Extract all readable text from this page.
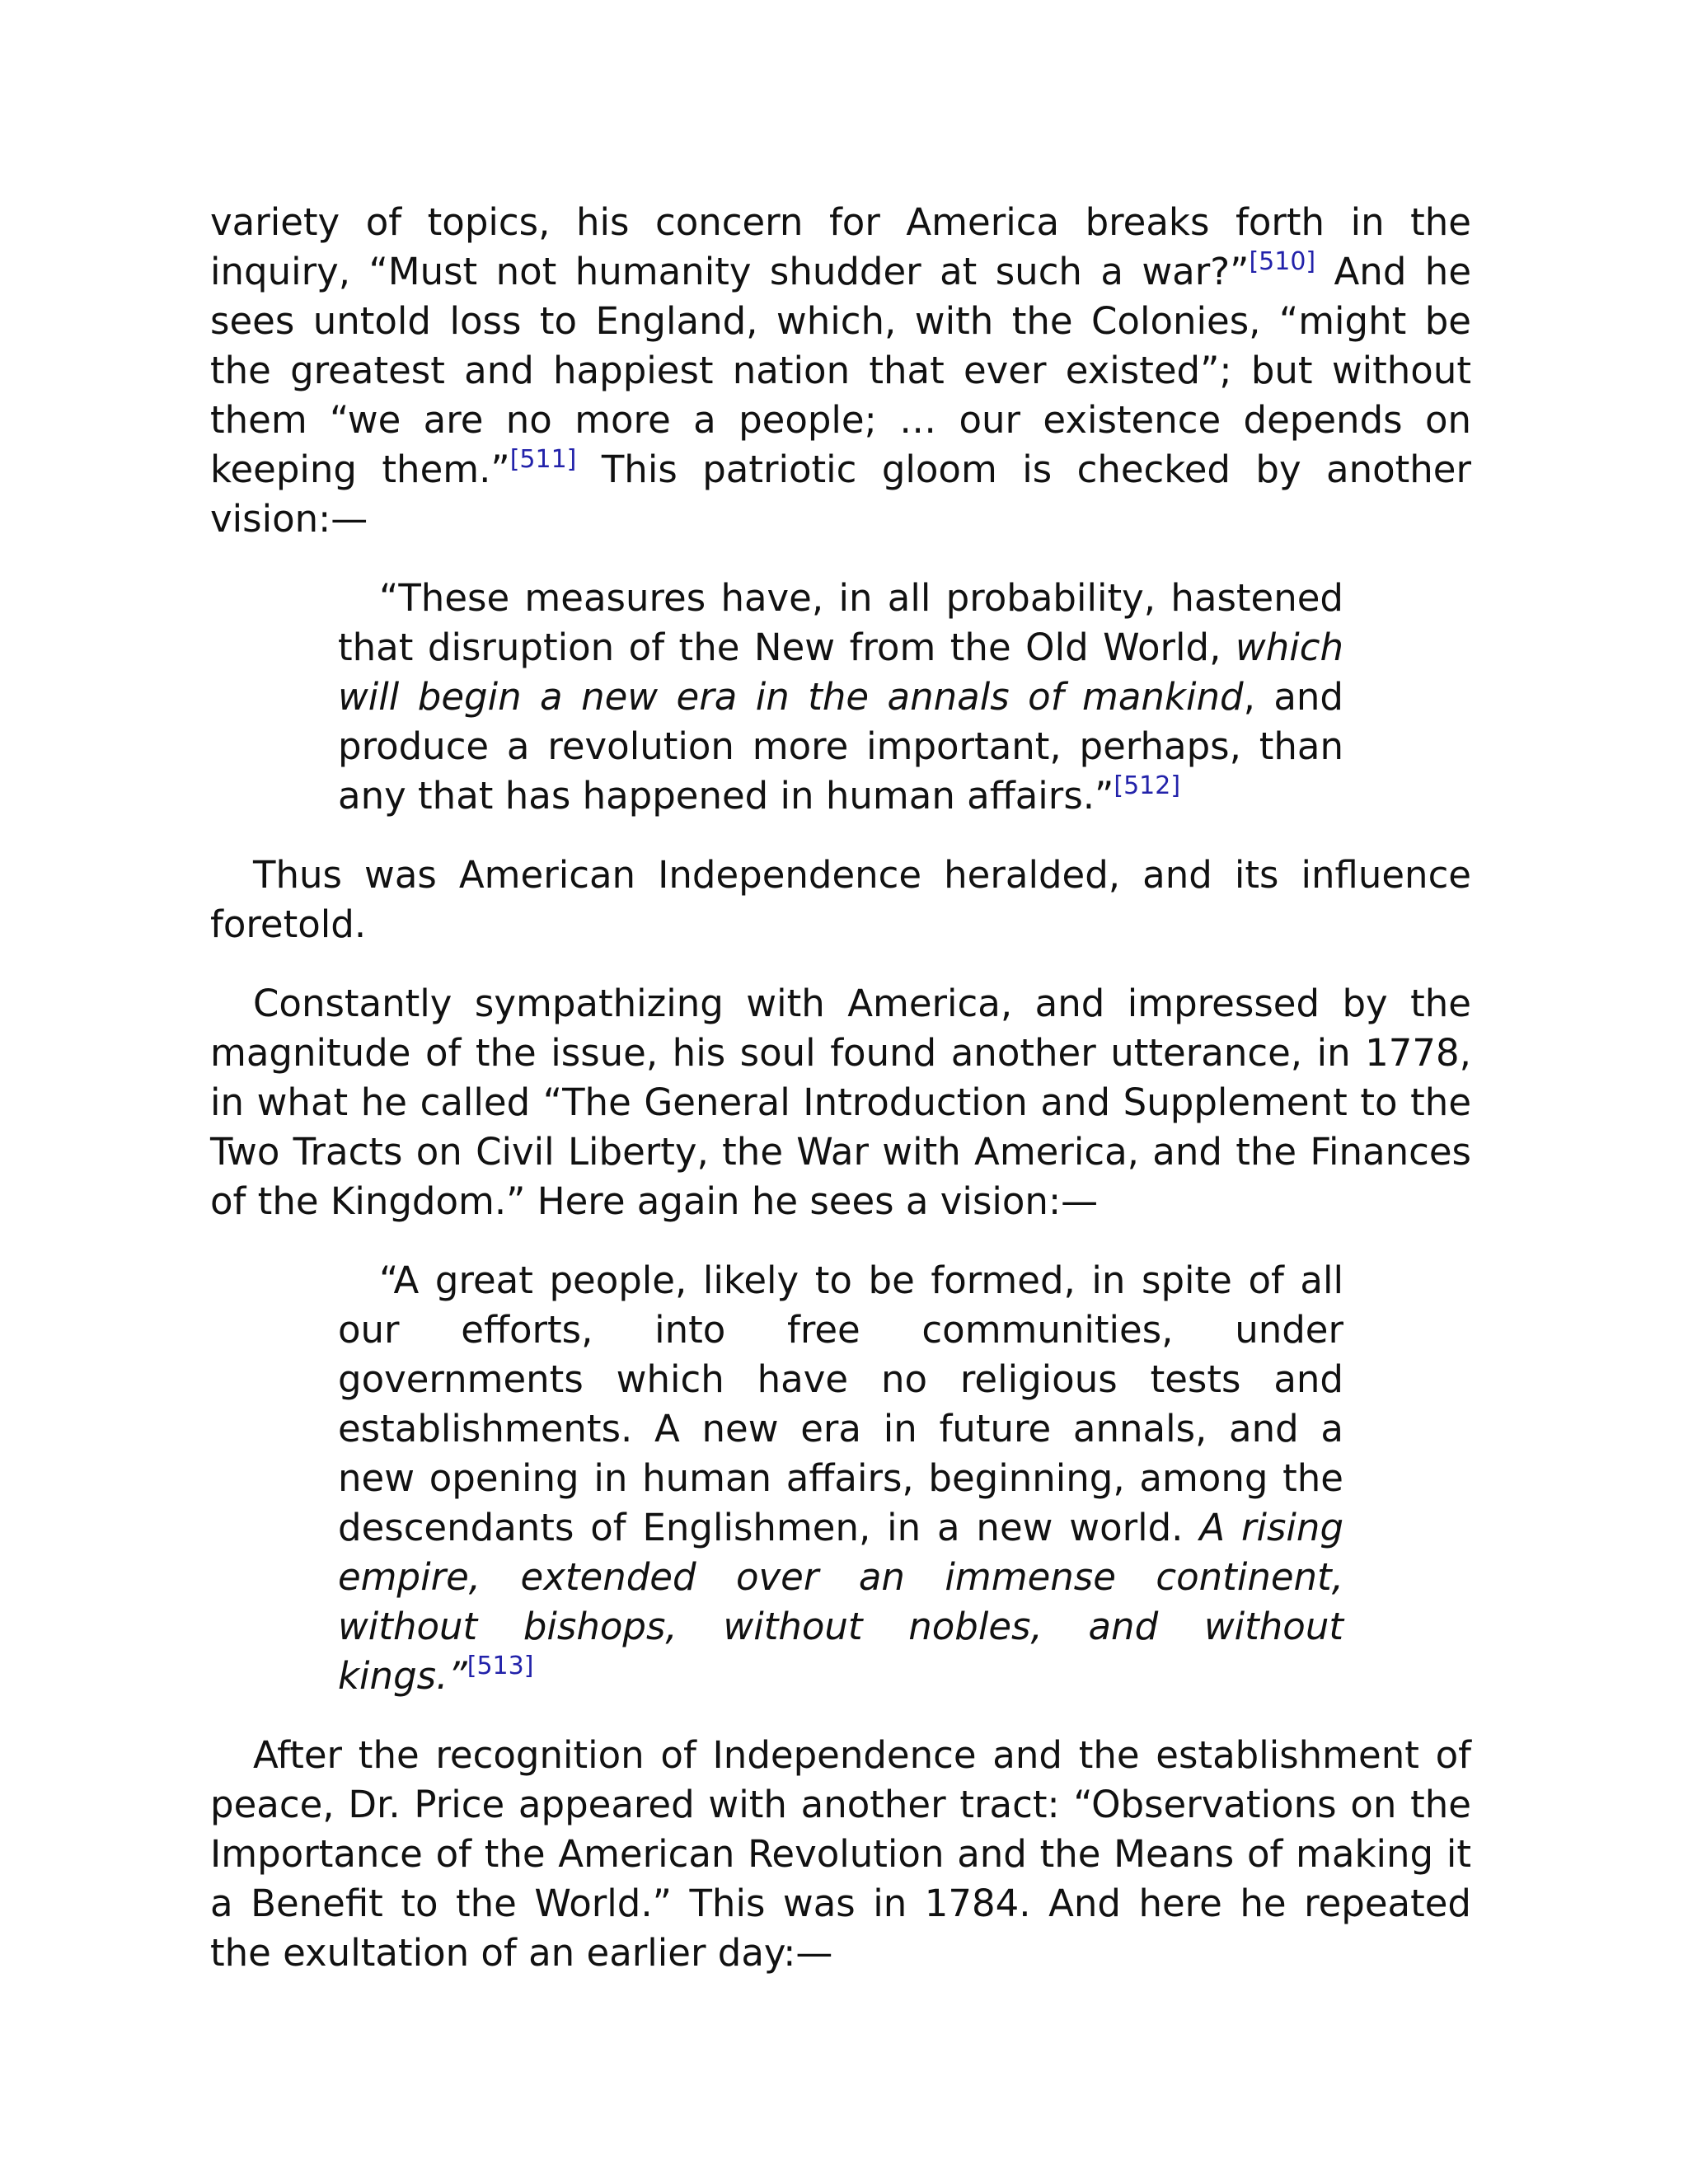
variety of topics, his concern for America breaks forth in the inquiry, “Must not humanity shudder at such a war?”[510] And he sees untold loss to England, which, with the Colonies, “might be the greatest and happiest nation that ever existed”; but without them “we are no more a people; … our existence depends on keeping them.”[511] This patriotic gloom is checked by another vision:—

“These measures have, in all probability, hastened that disruption of the New from the Old World, which will begin a new era in the annals of mankind, and produce a revolution more important, perhaps, than any that has happened in human affairs.”[512]

Thus was American Independence heralded, and its influence foretold.

Constantly sympathizing with America, and impressed by the magnitude of the issue, his soul found another utterance, in 1778, in what he called “The General Introduction and Supplement to the Two Tracts on Civil Liberty, the War with America, and the Finances of the Kingdom.” Here again he sees a vision:—

“A great people, likely to be formed, in spite of all our efforts, into free communities, under governments which have no religious tests and establishments. A new era in future annals, and a new opening in human affairs, beginning, among the descendants of Englishmen, in a new world. A rising empire, extended over an immense continent, without bishops, without nobles, and without kings.”[513]

After the recognition of Independence and the establishment of peace, Dr. Price appeared with another tract: “Observations on the Importance of the American Revolution and the Means of making it a Benefit to the World.” This was in 1784. And here he repeated the exultation of an earlier day:—
